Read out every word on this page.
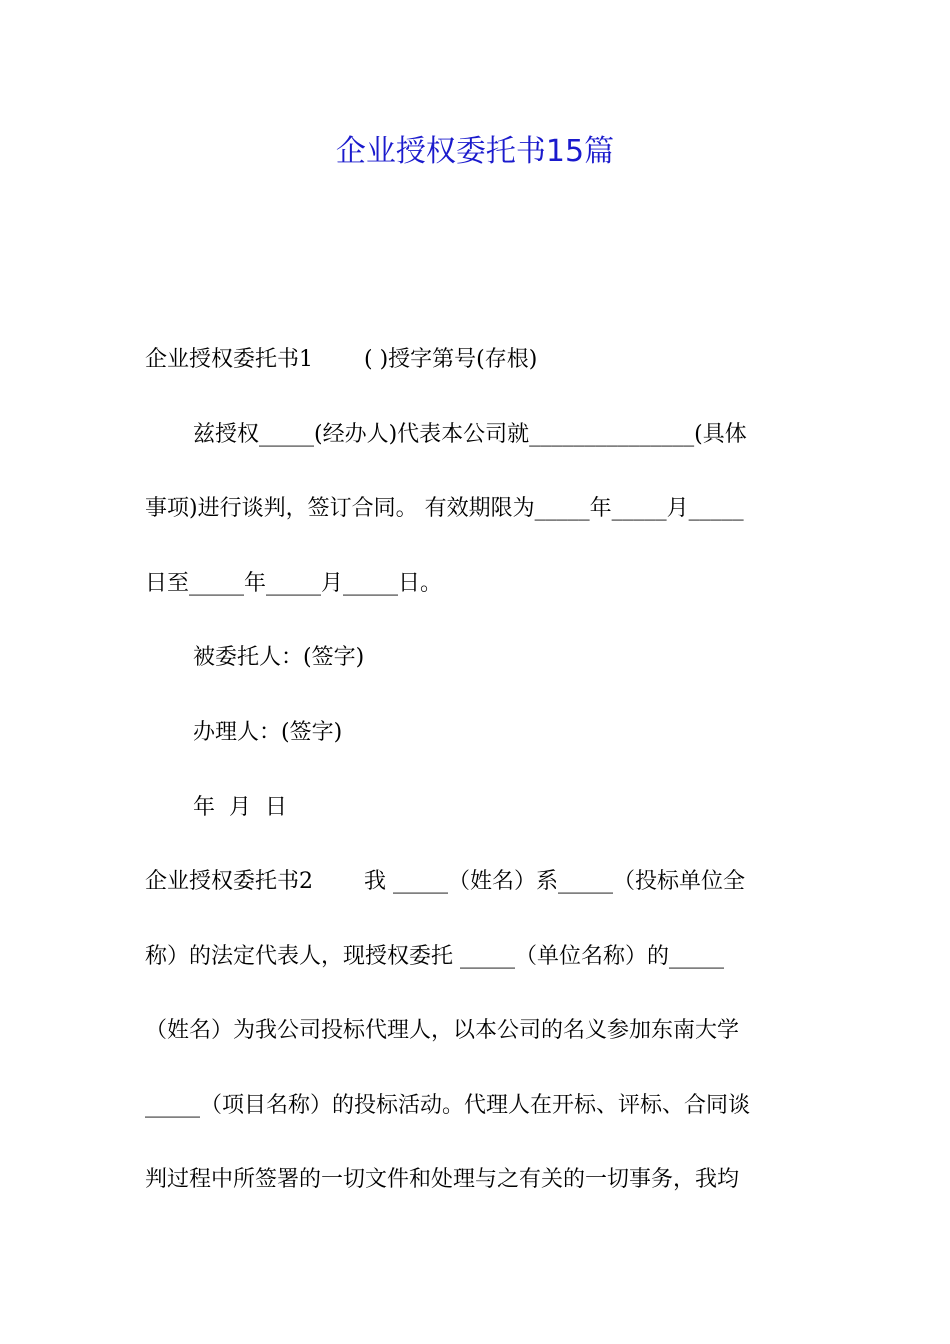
企业授权委托书15篇
企业授权委托书1　　 ( )授字第号(存根)
兹授权_____(经办人)代表本公司就_______________(具体
事项)进行谈判，签订合同。 有效期限为_____年_____月_____
日至_____年_____月_____日。
被委托人：(签字)
办理人：(签字)
年  月  日
企业授权委托书2　　 我 _____（姓名）系_____（投标单位全
称）的法定代表人，现授权委托 _____（单位名称）的_____
（姓名）为我公司投标代理人，以本公司的名义参加东南大学
_____（项目名称）的投标活动。代理人在开标、评标、合同谈
判过程中所签署的一切文件和处理与之有关的一切事务，我均
